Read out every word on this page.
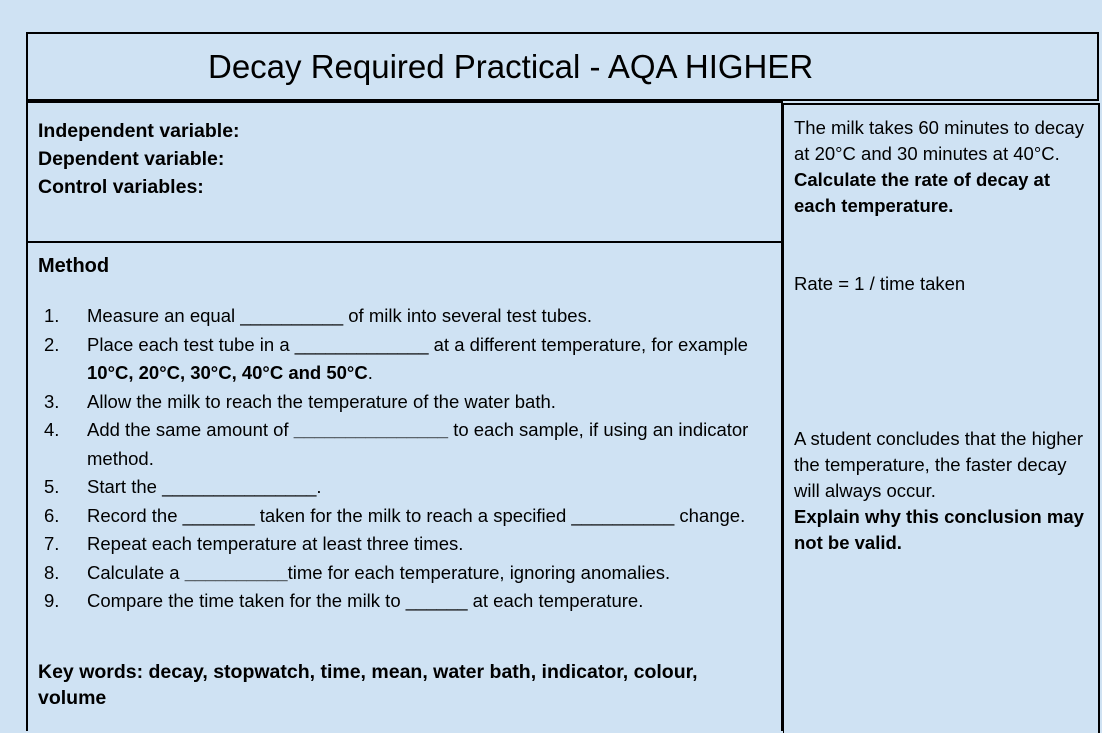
Decay Required Practical - AQA HIGHER
Independent variable:
Dependent variable:
Control variables:
Method
1. Measure an equal __________ of milk into several test tubes.
2. Place each test tube in a _____________ at a different temperature, for example 10°C, 20°C, 30°C, 40°C and 50°C.
3. Allow the milk to reach the temperature of the water bath.
4. Add the same amount of _______________ to each sample, if using an indicator method.
5. Start the _______________.
6. Record the _______ taken for the milk to reach a specified __________ change.
7. Repeat each temperature at least three times.
8. Calculate a __________time for each temperature, ignoring anomalies.
9. Compare the time taken for the milk to ______ at each temperature.
Key words: decay, stopwatch, time, mean, water bath, indicator, colour, volume
The milk takes 60 minutes to decay at 20°C and 30 minutes at 40°C.
Calculate the rate of decay at each temperature.
Rate = 1 / time taken
A student concludes that the higher the temperature, the faster decay will always occur.
Explain why this conclusion may not be valid.
